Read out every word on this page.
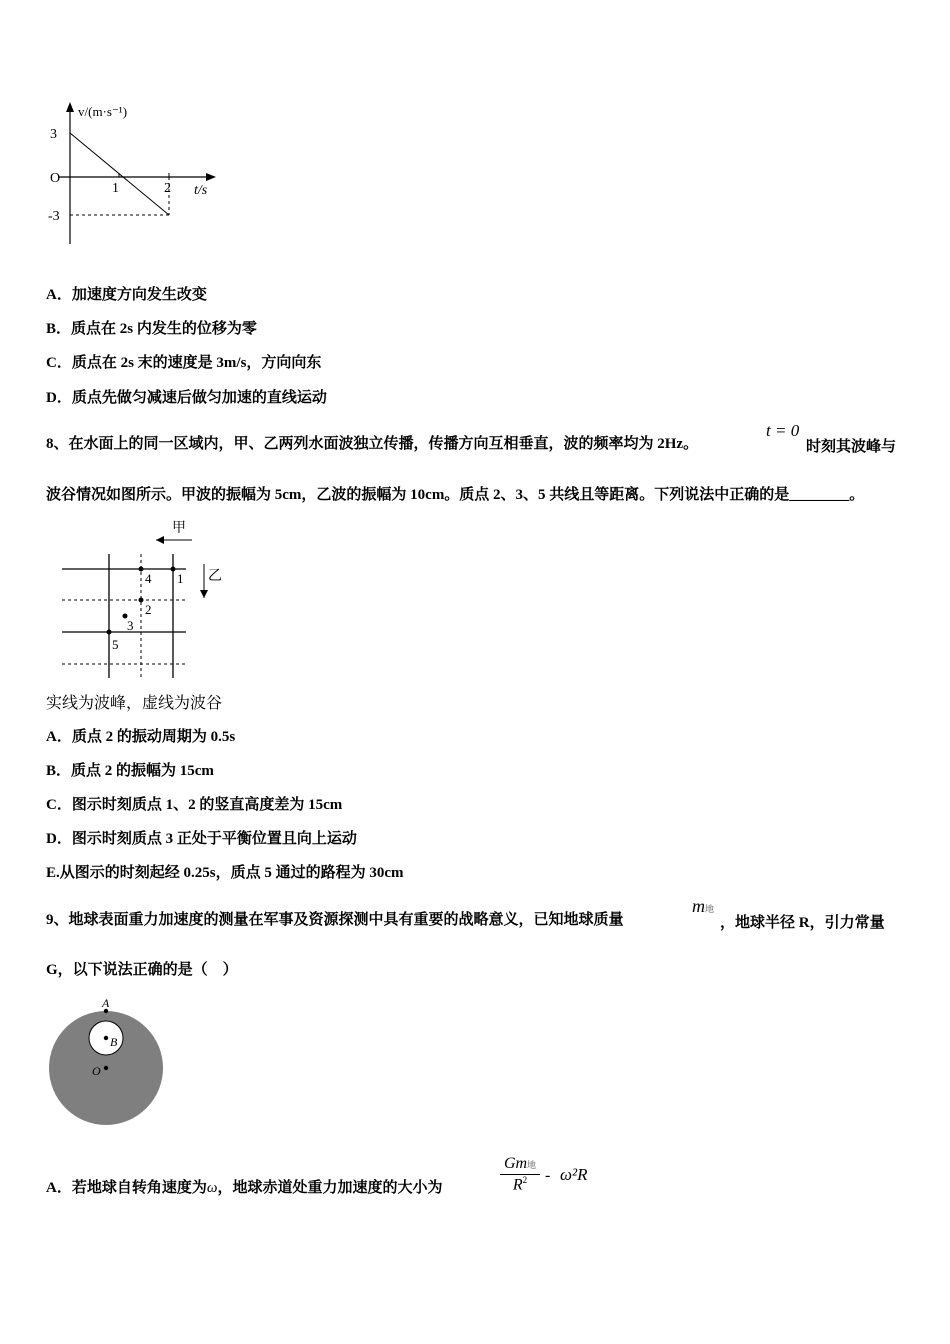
v/(m·s⁻¹)
3
O
-3
1	2 t/s
A．加速度方向发生改变
B．质点在 2s 内发生的位移为零
C．质点在 2s 末的速度是 3m/s，方向向东
D．质点先做匀减速后做匀加速的直线运动
8、在水面上的同一区域内，甲、乙两列水面波独立传播，传播方向互相垂直，波的频率均为 2Hz。
t = 0
时刻其波峰与
波谷情况如图所示。甲波的振幅为 5cm，乙波的振幅为 10cm。质点 2、3、5 共线且等距离。下列说法中正确的是________。
甲
乙
1
4
2
3
5
实线为波峰，虚线为波谷
A．质点 2 的振动周期为 0.5s
B．质点 2 的振幅为 15cm
C．图示时刻质点 1、2 的竖直高度差为 15cm
D．图示时刻质点 3 正处于平衡位置且向上运动
E.从图示的时刻起经 0.25s，质点 5 通过的路程为 30cm
9、地球表面重力加速度的测量在军事及资源探测中具有重要的战略意义，已知地球质量
m地
，地球半径 R，引力常量
G，以下说法正确的是（　）
A
B
O
A．若地球自转角速度为ω，地球赤道处重力加速度的大小为
Gm地
$R^2 - \omega^2R$
